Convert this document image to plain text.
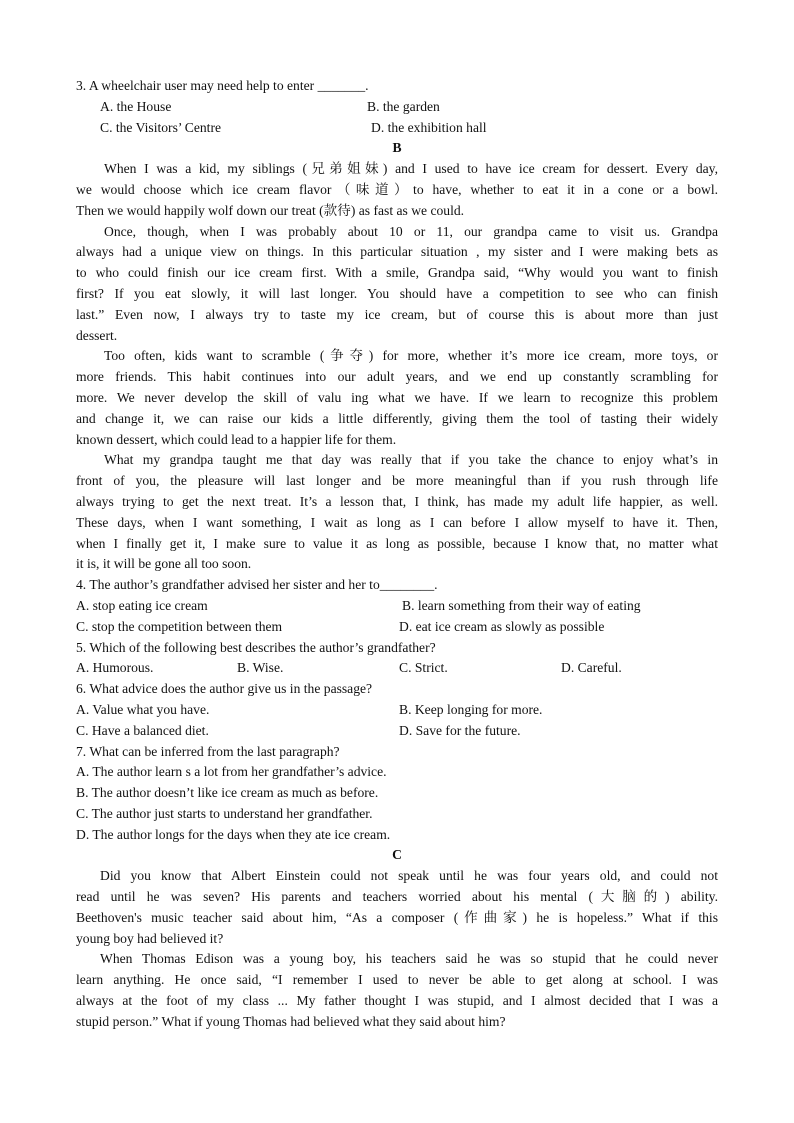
3. A wheelchair user may need help to enter _______.
A. the House	B. the garden
C. the Visitors’ Centre	D. the exhibition hall
B
When I was a kid, my siblings (兄弟姐妹) and I used to have ice cream for dessert. Every day,
we would choose which ice cream flavor（味道）to have, whether to eat it in a cone or a bowl.
Then we would happily wolf down our treat (款待) as fast as we could.
Once, though, when I was probably about 10 or 11, our grandpa came to visit us. Grandpa
always had a unique view on things. In this particular situation , my sister and I were making bets as
to who could finish our ice cream first. With a smile, Grandpa said, “Why would you want to finish
first? If you eat slowly, it will last longer. You should have a competition to see who can finish
last.” Even now, I always try to taste my ice cream, but of course this is about more than just
dessert.
Too often, kids want to scramble (争夺) for more, whether it’s more ice cream, more toys, or
more friends. This habit continues into our adult years, and we end up constantly scrambling for
more. We never develop the skill of valu ing what we have. If we learn to recognize this problem
and change it, we can raise our kids a little differently, giving them the tool of tasting their widely
known dessert, which could lead to a happier life for them.
What my grandpa taught me that day was really that if you take the chance to enjoy what’s in
front of you, the pleasure will last longer and be more meaningful than if you rush through life
always trying to get the next treat. It’s a lesson that, I think, has made my adult life happier, as well.
These days, when I want something, I wait as long as I can before I allow myself to have it. Then,
when I finally get it, I make sure to value it as long as possible, because I know that, no matter what
it is, it will be gone all too soon.
4. The author’s grandfather advised her sister and her to________.
A. stop eating ice cream	B. learn something from their way of eating
C. stop the competition between them	D. eat ice cream as slowly as possible
5. Which of the following best describes the author’s grandfather?
A. Humorous.	B. Wise.	C. Strict.	D. Careful.
6. What advice does the author give us in the passage?
A. Value what you have.	B. Keep longing for more.
C. Have a balanced diet.	D. Save for the future.
7. What can be inferred from the last paragraph?
A. The author learn s a lot from her grandfather’s advice.
B. The author doesn’t like ice cream as much as before.
C. The author just starts to understand her grandfather.
D. The author longs for the days when they ate ice cream.
C
Did you know that Albert Einstein could not speak until he was four years old, and could not
read until he was seven? His parents and teachers worried about his mental (大脑的) ability.
Beethoven's music teacher said about him, “As a composer (作曲家) he is hopeless.” What if this
young boy had believed it?
When Thomas Edison was a young boy, his teachers said he was so stupid that he could never
learn anything. He once said, “I remember I used to never be able to get along at school. I was
always at the foot of my class ... My father thought I was stupid, and I almost decided that I was a
stupid person.” What if young Thomas had believed what they said about him?
